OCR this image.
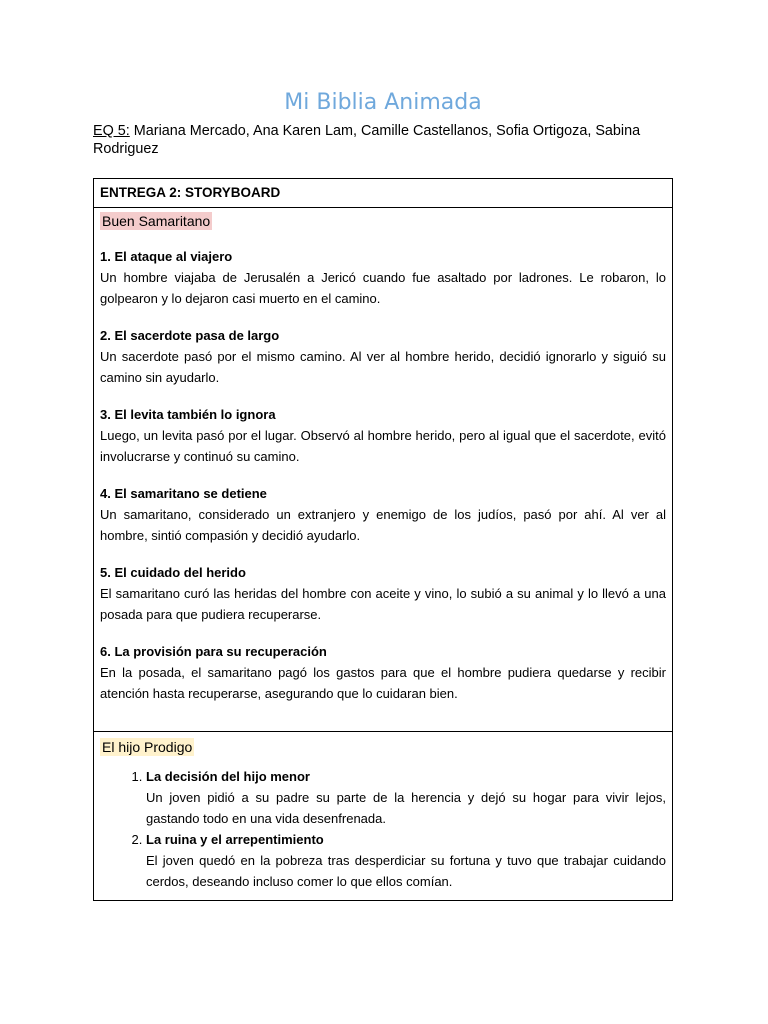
Mi Biblia Animada
EQ 5: Mariana Mercado, Ana Karen Lam, Camille Castellanos, Sofia Ortigoza, Sabina Rodriguez
ENTREGA 2: STORYBOARD

Buen Samaritano
1. El ataque al viajero
Un hombre viajaba de Jerusalén a Jericó cuando fue asaltado por ladrones. Le robaron, lo golpearon y lo dejaron casi muerto en el camino.
2. El sacerdote pasa de largo
Un sacerdote pasó por el mismo camino. Al ver al hombre herido, decidió ignorarlo y siguió su camino sin ayudarlo.
3. El levita también lo ignora
Luego, un levita pasó por el lugar. Observó al hombre herido, pero al igual que el sacerdote, evitó involucrarse y continuó su camino.
4. El samaritano se detiene
Un samaritano, considerado un extranjero y enemigo de los judíos, pasó por ahí. Al ver al hombre, sintió compasión y decidió ayudarlo.
5. El cuidado del herido
El samaritano curó las heridas del hombre con aceite y vino, lo subió a su animal y lo llevó a una posada para que pudiera recuperarse.
6. La provisión para su recuperación
En la posada, el samaritano pagó los gastos para que el hombre pudiera quedarse y recibir atención hasta recuperarse, asegurando que lo cuidaran bien.

El hijo Prodigo
1. La decisión del hijo menor
Un joven pidió a su padre su parte de la herencia y dejó su hogar para vivir lejos, gastando todo en una vida desenfrenada.
2. La ruina y el arrepentimiento
El joven quedó en la pobreza tras desperdiciar su fortuna y tuvo que trabajar cuidando cerdos, deseando incluso comer lo que ellos comían.
